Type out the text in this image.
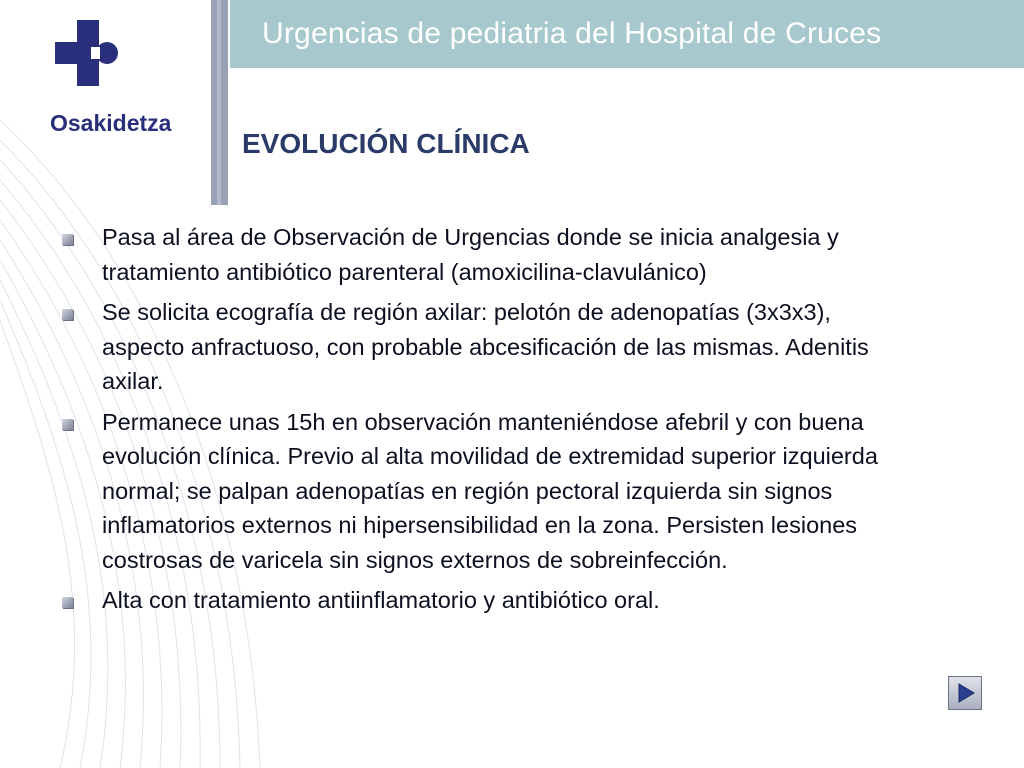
Urgencias de pediatria del Hospital de Cruces
Osakidetza
EVOLUCIÓN CLÍNICA
Pasa al área de Observación de Urgencias donde se inicia analgesia y tratamiento antibiótico parenteral (amoxicilina-clavulánico)
Se solicita ecografía de región axilar: pelotón de adenopatías (3x3x3), aspecto anfractuoso, con probable abcesificación de las mismas. Adenitis axilar.
Permanece unas 15h en observación manteniéndose afebril y con buena evolución clínica. Previo al alta movilidad de extremidad superior izquierda normal; se palpan adenopatías en región pectoral izquierda sin signos inflamatorios externos ni hipersensibilidad en la zona. Persisten lesiones costrosas de varicela sin signos externos de sobreinfección.
Alta con tratamiento antiinflamatorio y antibiótico oral.
